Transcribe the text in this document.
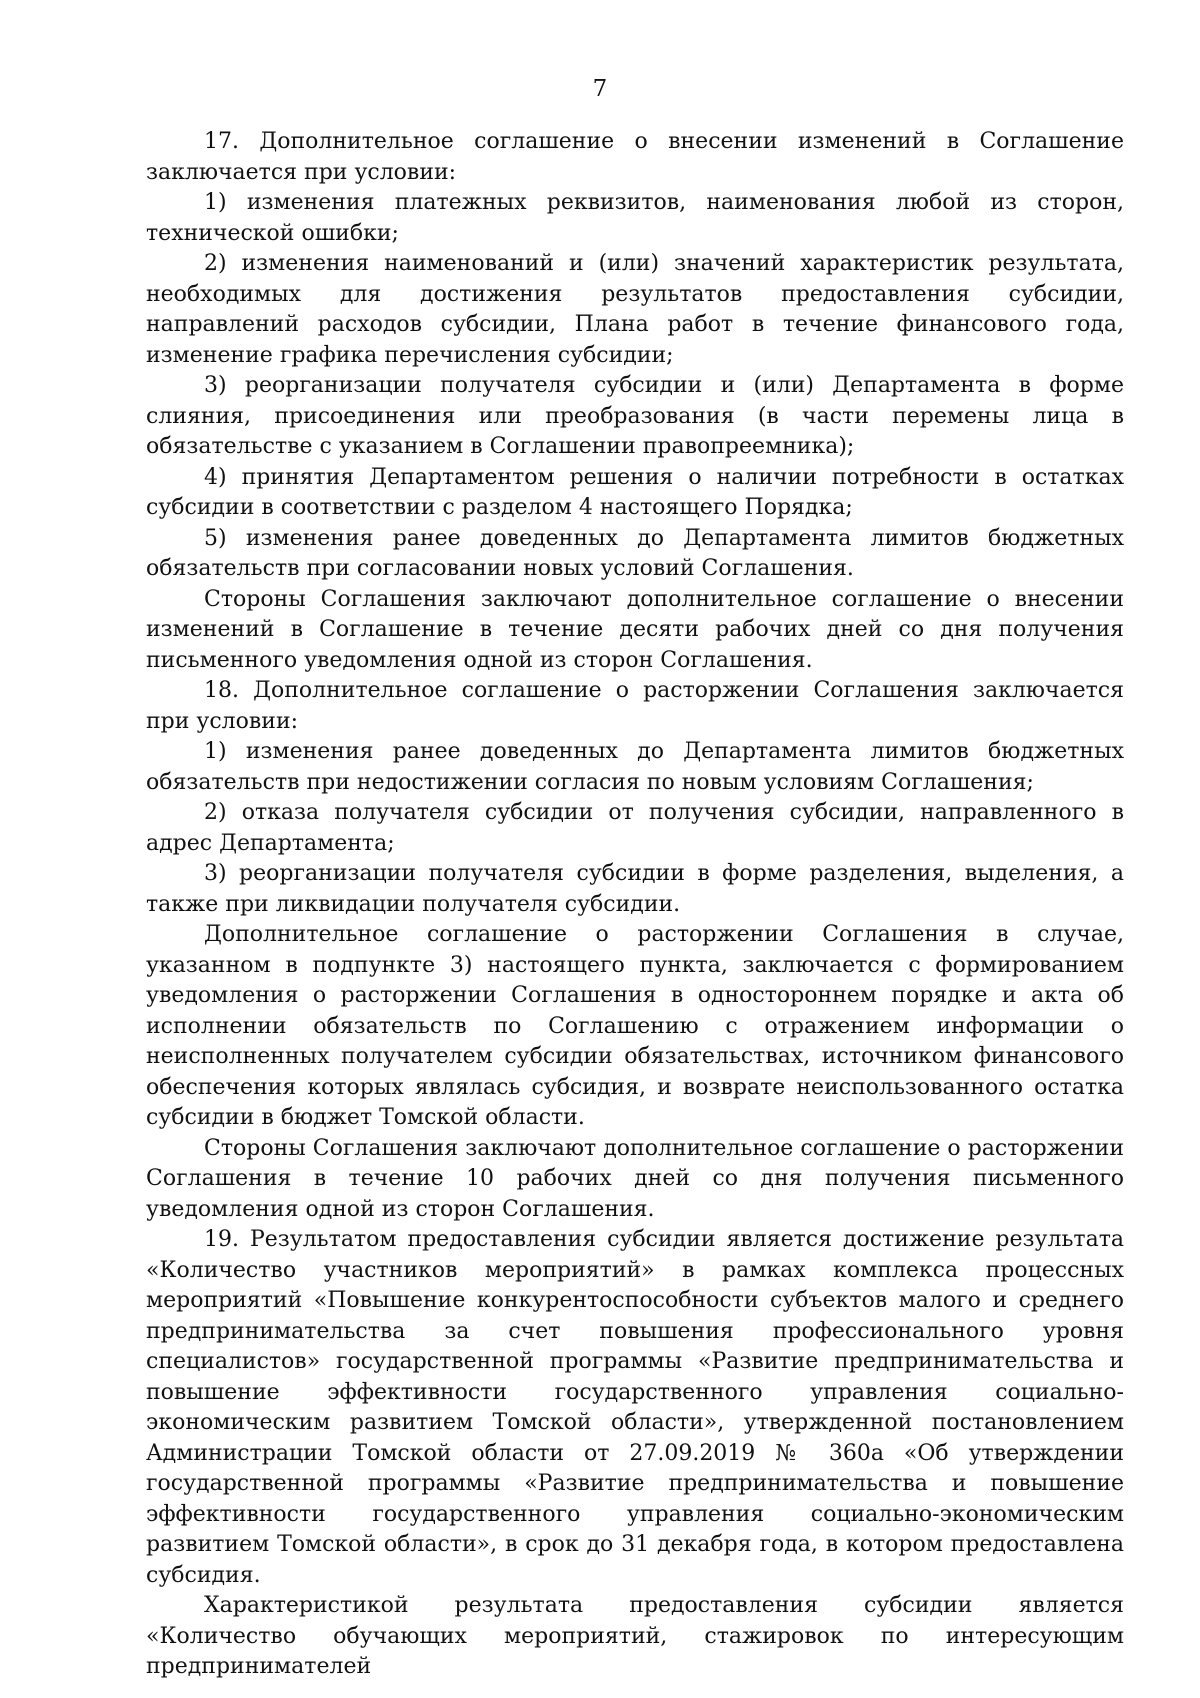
7

17. Дополнительное соглашение о внесении изменений в Соглашение заключается при условии:

1) изменения платежных реквизитов, наименования любой из сторон, технической ошибки;

2) изменения наименований и (или) значений характеристик результата, необходимых для достижения результатов предоставления субсидии, направлений расходов субсидии, Плана работ в течение финансового года, изменение графика перечисления субсидии;

3) реорганизации получателя субсидии и (или) Департамента в форме слияния, присоединения или преобразования (в части перемены лица в обязательстве с указанием в Соглашении правопреемника);

4) принятия Департаментом решения о наличии потребности в остатках субсидии в соответствии с разделом 4 настоящего Порядка;

5) изменения ранее доведенных до Департамента лимитов бюджетных обязательств при согласовании новых условий Соглашения.

Стороны Соглашения заключают дополнительное соглашение о внесении изменений в Соглашение в течение десяти рабочих дней со дня получения письменного уведомления одной из сторон Соглашения.

18. Дополнительное соглашение о расторжении Соглашения заключается при условии:

1) изменения ранее доведенных до Департамента лимитов бюджетных обязательств при недостижении согласия по новым условиям Соглашения;

2) отказа получателя субсидии от получения субсидии, направленного в адрес Департамента;

3) реорганизации получателя субсидии в форме разделения, выделения, а также при ликвидации получателя субсидии.

Дополнительное соглашение о расторжении Соглашения в случае, указанном в подпункте 3) настоящего пункта, заключается с формированием уведомления о расторжении Соглашения в одностороннем порядке и акта об исполнении обязательств по Соглашению с отражением информации о неисполненных получателем субсидии обязательствах, источником финансового обеспечения которых являлась субсидия, и возврате неиспользованного остатка субсидии в бюджет Томской области.

Стороны Соглашения заключают дополнительное соглашение о расторжении Соглашения в течение 10 рабочих дней со дня получения письменного уведомления одной из сторон Соглашения.

19. Результатом предоставления субсидии является достижение результата «Количество участников мероприятий» в рамках комплекса процессных мероприятий «Повышение конкурентоспособности субъектов малого и среднего предпринимательства за счет повышения профессионального уровня специалистов» государственной программы «Развитие предпринимательства и повышение эффективности государственного управления социально-экономическим развитием Томской области», утвержденной постановлением Администрации Томской области от 27.09.2019 № 360а «Об утверждении государственной программы «Развитие предпринимательства и повышение эффективности государственного управления социально-экономическим развитием Томской области», в срок до 31 декабря года, в котором предоставлена субсидия.

Характеристикой результата предоставления субсидии является «Количество обучающих мероприятий, стажировок по интересующим предпринимателей
